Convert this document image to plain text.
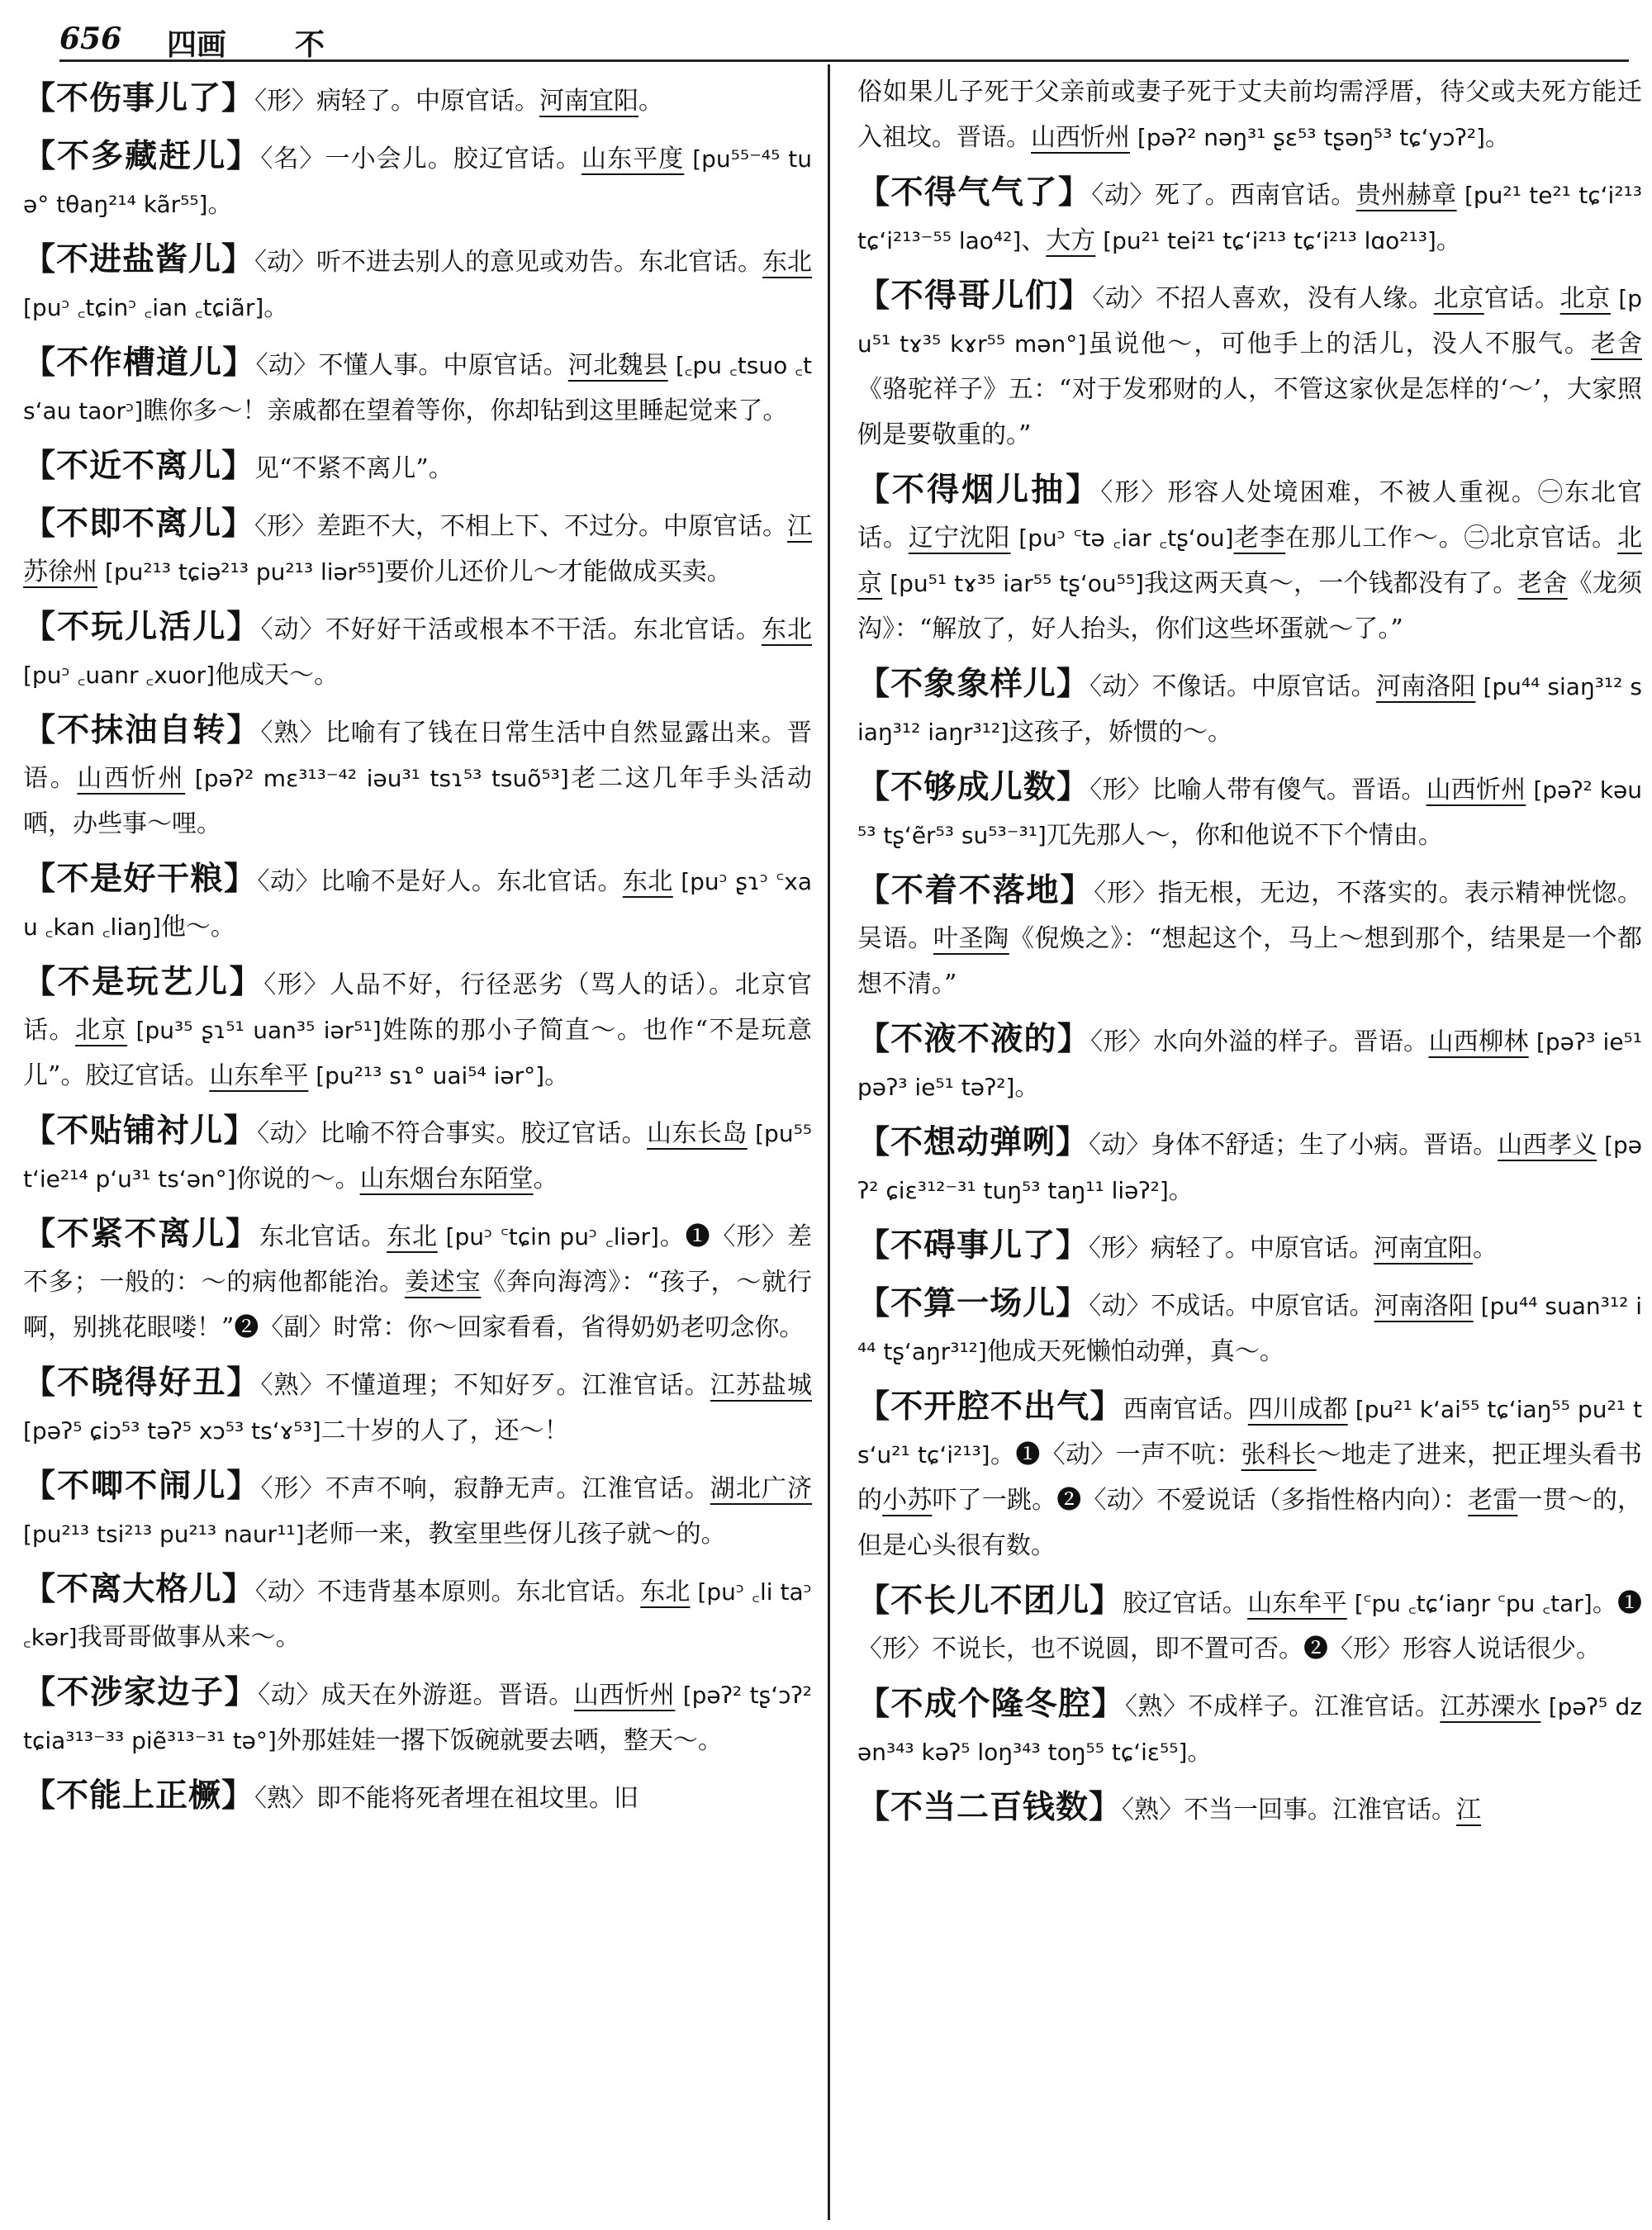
656 四画 不
【不伤事儿了】〈形〉病轻了。中原官话。河南宜阳。
【不多藏赶儿】〈名〉一小会儿。胶辽官话。山东平度 [pu⁵⁵⁻⁴⁵ tuə° tθaŋ²¹⁴ kãr⁵⁵]。
【不进盐酱儿】〈动〉听不进去别人的意见或劝告。东北官话。东北 [puᵓ ꜀tɕinᵓ ꜀ian ꜀tɕiãr]。
【不作槽道儿】〈动〉不懂人事。中原官话。河北魏县 [꜀pu ꜀tsuo ꜀ts‘au taorᵓ]瞧你多～！亲戚都在望着等你，你却钻到这里睡起觉来了。
【不近不离儿】见“不紧不离儿”。
【不即不离儿】〈形〉差距不大，不相上下、不过分。中原官话。江苏徐州 [pu²¹³ tɕiə²¹³ pu²¹³ liər⁵⁵]要价儿还价儿～才能做成买卖。
【不玩儿活儿】〈动〉不好好干活或根本不干活。东北官话。东北 [puᵓ ꜀uanr ꜀xuor]他成天～。
【不抹油自转】〈熟〉比喻有了钱在日常生活中自然显露出来。晋语。山西忻州 [pəʔ² mɛ³¹³⁻⁴² iəu³¹ tsɿ⁵³ tsuõ⁵³]老二这几年手头活动哂，办些事～哩。
【不是好干粮】〈动〉比喻不是好人。东北官话。东北 [puᵓ ʂɿᵓ ꜂xau ꜀kan ꜀liaŋ]他～。
【不是玩艺儿】〈形〉人品不好，行径恶劣（骂人的话）。北京官话。北京 [pu³⁵ ʂɿ⁵¹ uan³⁵ iər⁵¹]姓陈的那小子简直～。也作“不是玩意儿”。胶辽官话。山东牟平 [pu²¹³ sɿ° uai⁵⁴ iər°]。
【不贴铺衬儿】〈动〉比喻不符合事实。胶辽官话。山东长岛 [pu⁵⁵ t‘ie²¹⁴ p‘u³¹ ts‘ən°]你说的～。山东烟台东陌堂。
【不紧不离儿】东北官话。东北 [puᵓ ꜂tɕin puᵓ ꜀liər]。❶〈形〉差不多；一般的：～的病他都能治。姜述宝《奔向海湾》：“孩子，～就行啊，别挑花眼喽！”❷〈副〉时常：你～回家看看，省得奶奶老叨念你。
【不晓得好丑】〈熟〉不懂道理；不知好歹。江淮官话。江苏盐城 [pəʔ⁵ ɕiɔ⁵³ təʔ⁵ xɔ⁵³ ts‘ɤ⁵³]二十岁的人了，还～！
【不唧不闹儿】〈形〉不声不响，寂静无声。江淮官话。湖北广济 [pu²¹³ tsi²¹³ pu²¹³ naur¹¹]老师一来，教室里些伢儿孩子就～的。
【不离大格儿】〈动〉不违背基本原则。东北官话。东北 [puᵓ ꜀li taᵓ ꜀kər]我哥哥做事从来～。
【不涉家边子】〈动〉成天在外游逛。晋语。山西忻州 [pəʔ² tʂ‘ɔʔ² tɕia³¹³⁻³³ piẽ³¹³⁻³¹ tə°]外那娃娃一撂下饭碗就要去哂，整天～。
【不能上正橛】〈熟〉即不能将死者埋在祖坟里。旧
俗如果儿子死于父亲前或妻子死于丈夫前均需浮厝，待父或夫死方能迁入祖坟。晋语。山西忻州 [pəʔ² nəŋ³¹ ʂɛ⁵³ tʂəŋ⁵³ tɕ‘yɔʔ²]。
【不得气气了】〈动〉死了。西南官话。贵州赫章 [pu²¹ te²¹ tɕ‘i²¹³ tɕ‘i²¹³⁻⁵⁵ lao⁴²]、大方 [pu²¹ tei²¹ tɕ‘i²¹³ tɕ‘i²¹³ lɑo²¹³]。
【不得哥儿们】〈动〉不招人喜欢，没有人缘。北京官话。北京 [pu⁵¹ tɤ³⁵ kɤr⁵⁵ mən°]虽说他～，可他手上的活儿，没人不服气。老舍《骆驼祥子》五：“对于发邪财的人，不管这家伙是怎样的‘～’，大家照例是要敬重的。”
【不得烟儿抽】〈形〉形容人处境困难，不被人重视。㊀东北官话。辽宁沈阳 [puᵓ ꜂tə ꜀iar ꜀tʂ‘ou]老李在那儿工作～。㊁北京官话。北京 [pu⁵¹ tɤ³⁵ iar⁵⁵ tʂ‘ou⁵⁵]我这两天真～，一个钱都没有了。老舍《龙须沟》：“解放了，好人抬头，你们这些坏蛋就～了。”
【不象象样儿】〈动〉不像话。中原官话。河南洛阳 [pu⁴⁴ siaŋ³¹² siaŋ³¹² iaŋr³¹²]这孩子，娇惯的～。
【不够成儿数】〈形〉比喻人带有傻气。晋语。山西忻州 [pəʔ² kəu⁵³ tʂ‘ẽr⁵³ su⁵³⁻³¹]兀先那人～，你和他说不下个情由。
【不着不落地】〈形〉指无根，无边，不落实的。表示精神恍惚。吴语。叶圣陶《倪焕之》：“想起这个，马上～想到那个，结果是一个都想不清。”
【不液不液的】〈形〉水向外溢的样子。晋语。山西柳林 [pəʔ³ ie⁵¹ pəʔ³ ie⁵¹ təʔ²]。
【不想动弹咧】〈动〉身体不舒适；生了小病。晋语。山西孝义 [pəʔ² ɕiɛ³¹²⁻³¹ tuŋ⁵³ taŋ¹¹ liəʔ²]。
【不碍事儿了】〈形〉病轻了。中原官话。河南宜阳。
【不算一场儿】〈动〉不成话。中原官话。河南洛阳 [pu⁴⁴ suan³¹² i⁴⁴ tʂ‘aŋr³¹²]他成天死懒怕动弹，真～。
【不开腔不出气】西南官话。四川成都 [pu²¹ k‘ai⁵⁵ tɕ‘iaŋ⁵⁵ pu²¹ ts‘u²¹ tɕ‘i²¹³]。❶〈动〉一声不吭：张科长～地走了进来，把正埋头看书的小苏吓了一跳。❷〈动〉不爱说话（多指性格内向）：老雷一贯～的，但是心头很有数。
【不长儿不团儿】胶辽官话。山东牟平 [꜂pu ꜀tɕ‘iaŋr ꜂pu ꜀tar]。❶〈形〉不说长，也不说圆，即不置可否。❷〈形〉形容人说话很少。
【不成个隆冬腔】〈熟〉不成样子。江淮官话。江苏溧水 [pəʔ⁵ dzən³⁴³ kəʔ⁵ loŋ³⁴³ toŋ⁵⁵ tɕ‘iɛ⁵⁵]。
【不当二百钱数】〈熟〉不当一回事。江淮官话。江
